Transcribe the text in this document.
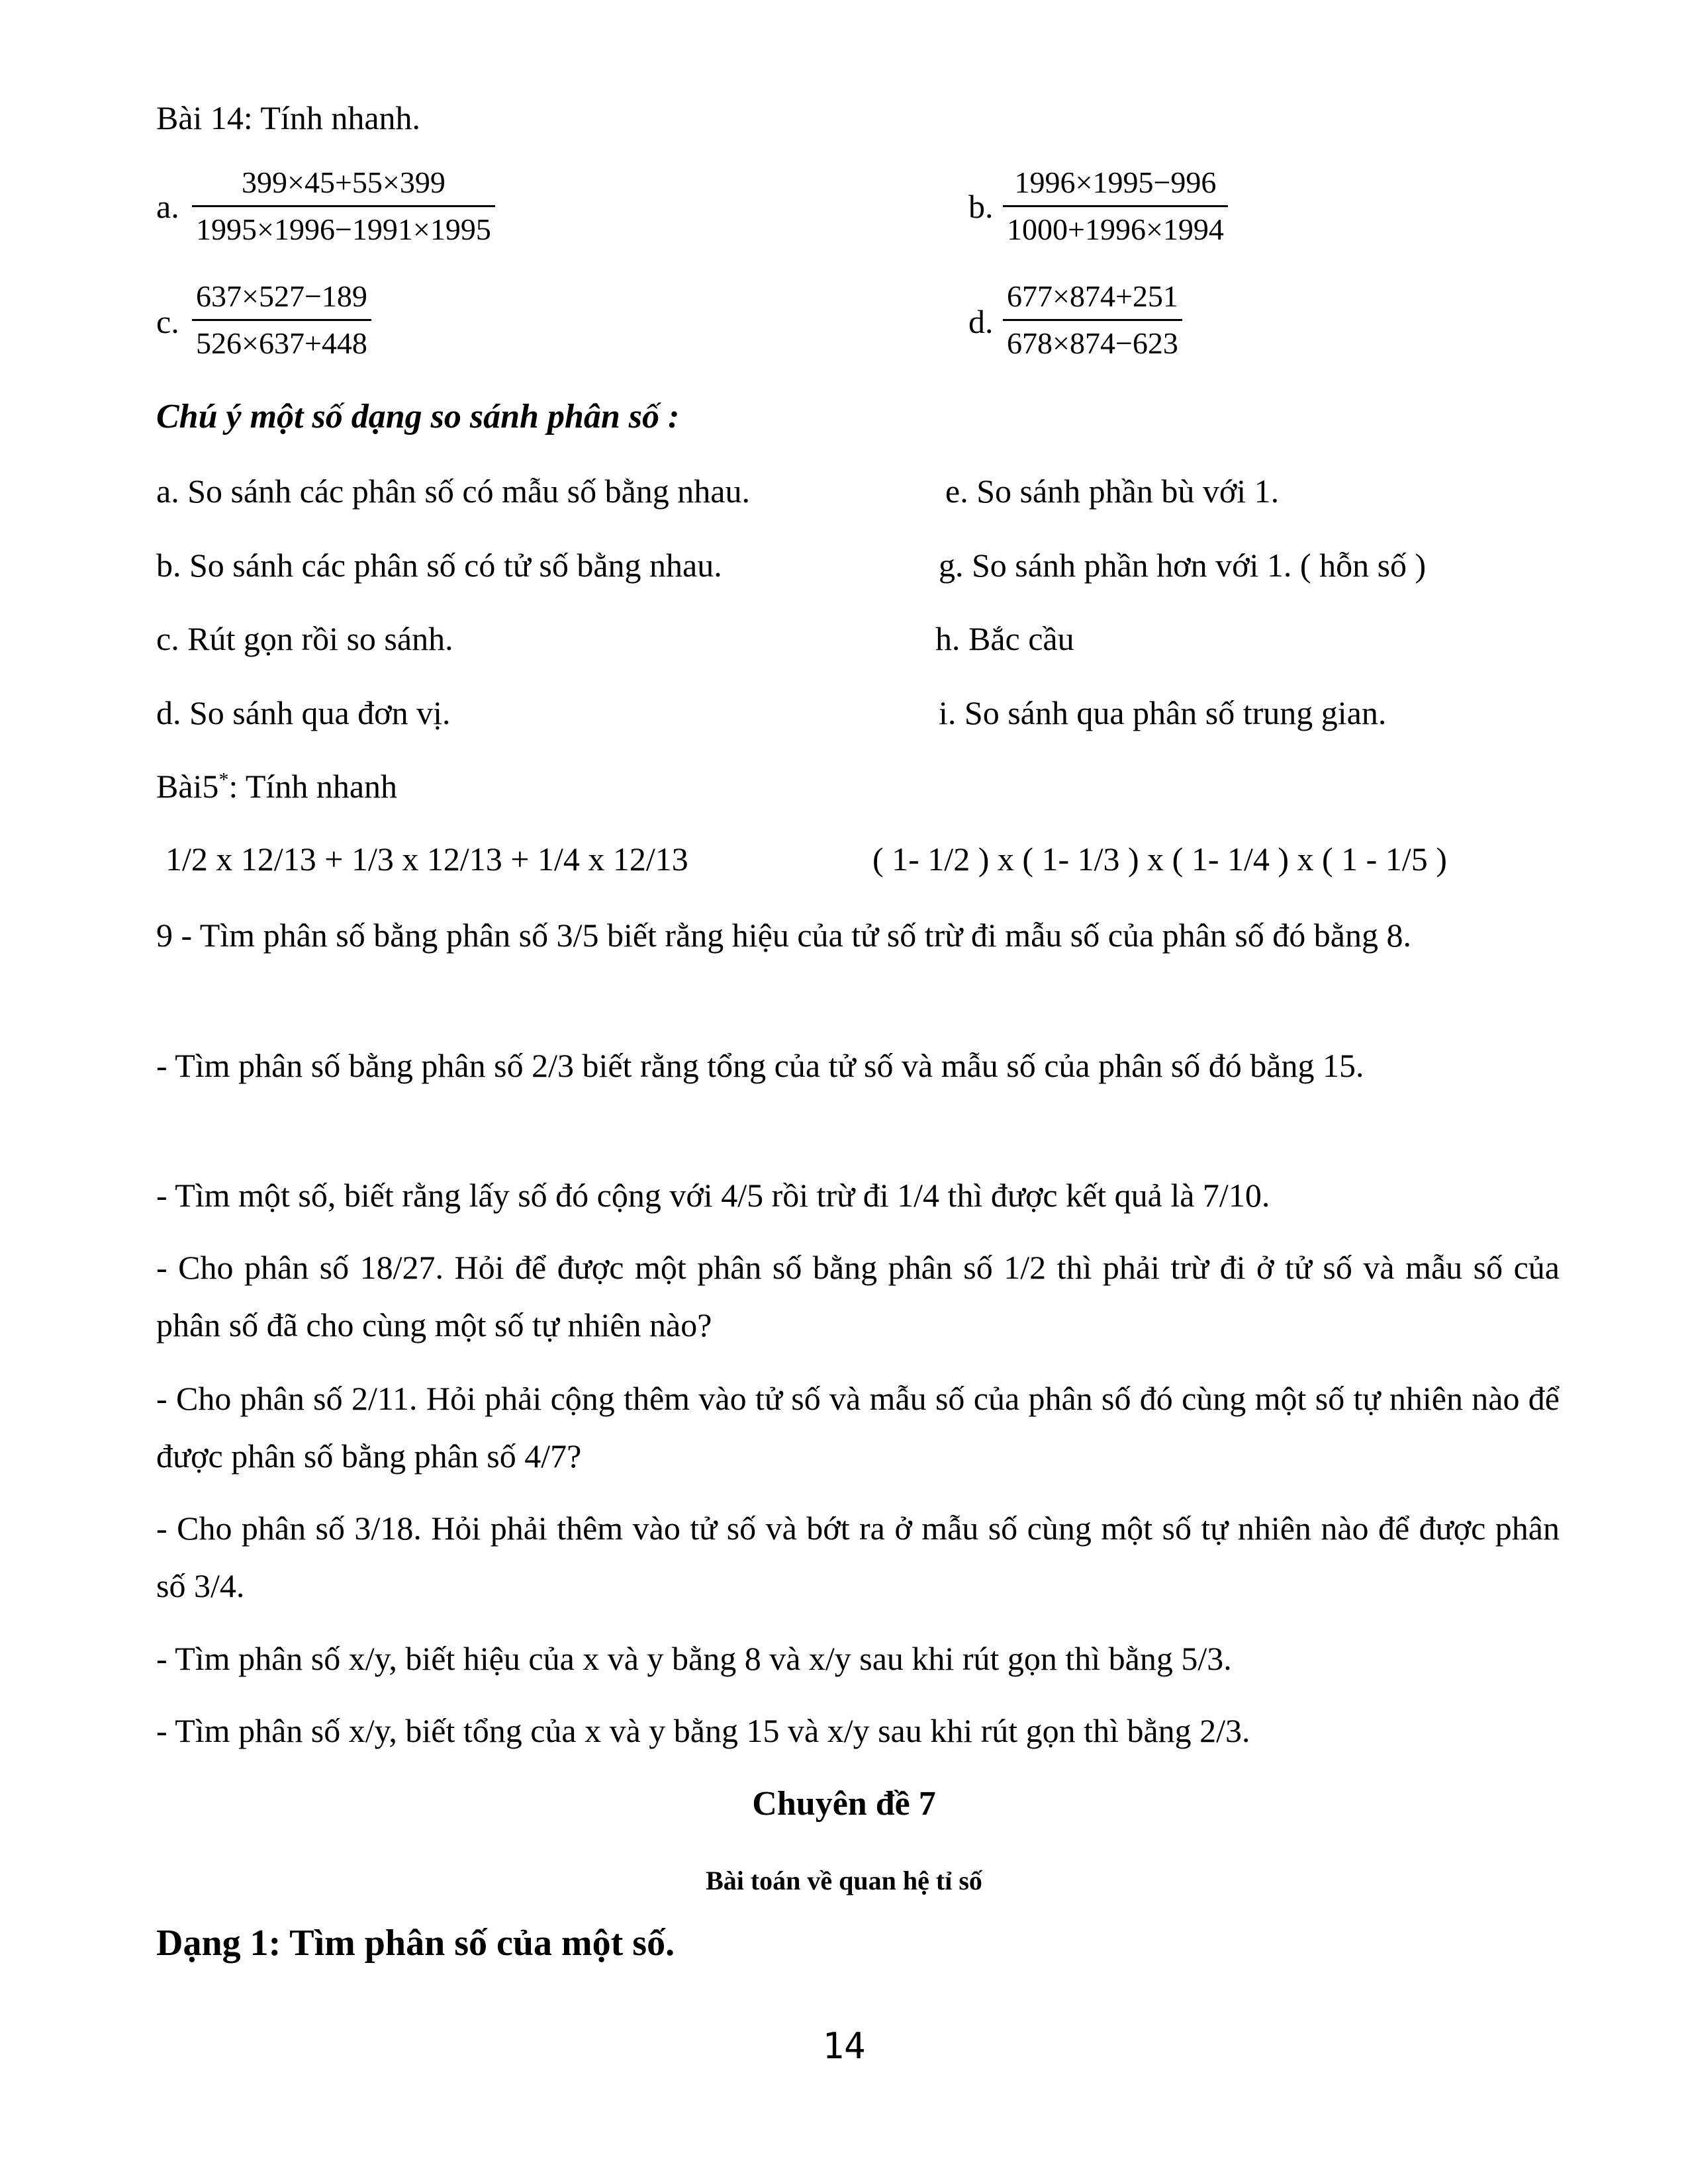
Bài 14: Tính nhanh.
a.
399×45+55×399
1995×1996−1991×1995
b.
1996×1995−996
1000+1996×1994
c.
637×527−189
526×637+448
d.
677×874+251
678×874−623
Chú ý một số dạng so sánh phân số :
a. So sánh các phân số có mẫu số bằng nhau.	e. So sánh phần bù với 1.
b. So sánh các phân số có tử số bằng nhau.	g. So sánh phần hơn với 1. ( hỗn số )
c. Rút gọn rồi so sánh.	h. Bắc cầu
d. So sánh qua đơn vị.	i. So sánh qua phân số trung gian.
Bài5*: Tính nhanh
1/2 x 12/13 + 1/3 x 12/13 + 1/4 x 12/13	( 1- 1/2 ) x ( 1- 1/3 ) x ( 1- 1/4 ) x ( 1 - 1/5 )
9 - Tìm phân số bằng phân số 3/5 biết rằng hiệu của tử số trừ đi mẫu số của phân số đó bằng 8.
- Tìm phân số bằng phân số 2/3 biết rằng tổng của tử số và mẫu số của phân số đó bằng 15.
- Tìm một số, biết rằng lấy số đó cộng với 4/5 rồi trừ đi 1/4 thì được kết quả là 7/10.
- Cho phân số 18/27. Hỏi để được một phân số bằng phân số 1/2 thì phải trừ đi ở tử số và mẫu số của phân số đã cho cùng một số tự nhiên nào?
- Cho phân số 2/11. Hỏi phải cộng thêm vào tử số và mẫu số của phân số đó cùng một số tự nhiên nào để được phân số bằng phân số 4/7?
- Cho phân số 3/18. Hỏi phải thêm vào tử số và bớt ra ở mẫu số cùng một số tự nhiên nào để được phân số 3/4.
- Tìm phân số x/y, biết hiệu của x và y bằng 8 và x/y sau khi rút gọn thì bằng 5/3.
- Tìm phân số x/y, biết tổng của x và y bằng 15 và x/y sau khi rút gọn thì bằng 2/3.
Chuyên đề 7
Bài toán về quan hệ tỉ số
Dạng 1: Tìm phân số của một số.
14
